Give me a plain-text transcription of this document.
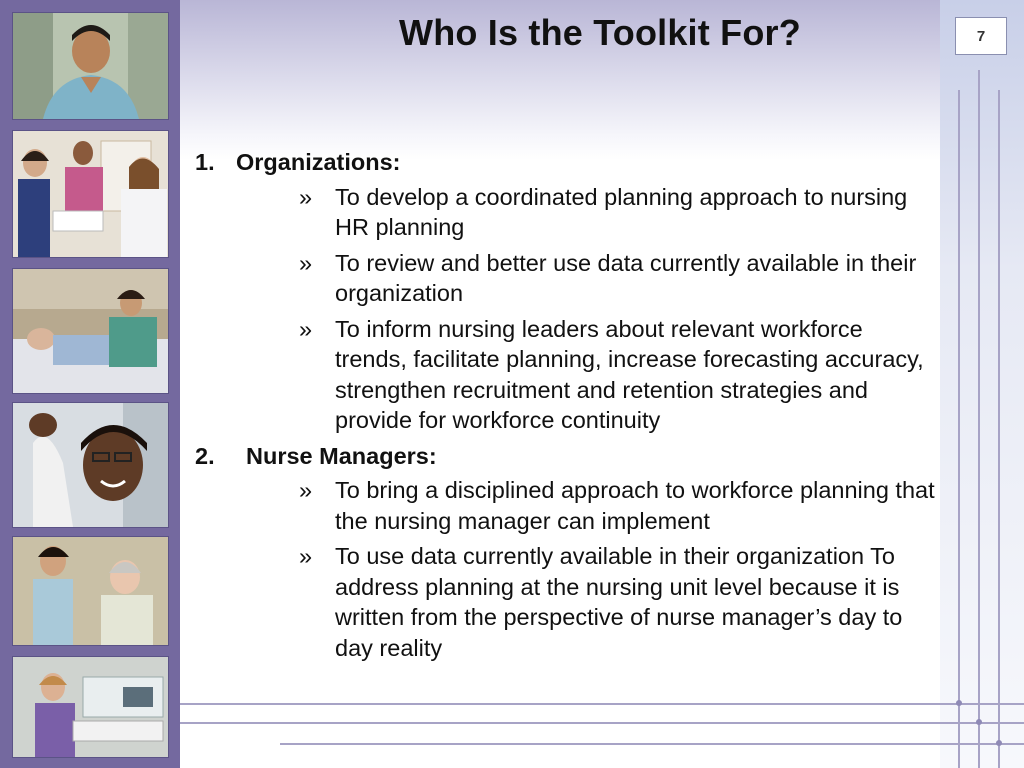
Who Is the Toolkit For?	7
1. Organizations:
» To develop a coordinated planning approach to nursing HR planning
» To review and better use data currently available in their organization
» To inform nursing leaders about relevant workforce trends, facilitate planning, increase forecasting accuracy, strengthen recruitment and retention strategies and provide for workforce continuity
2.	Nurse Managers:
» To bring a disciplined approach to workforce planning that the nursing manager can implement
» To use data currently available in their organization To address planning at the nursing unit level because it is written from the perspective of nurse manager’s day to day reality
